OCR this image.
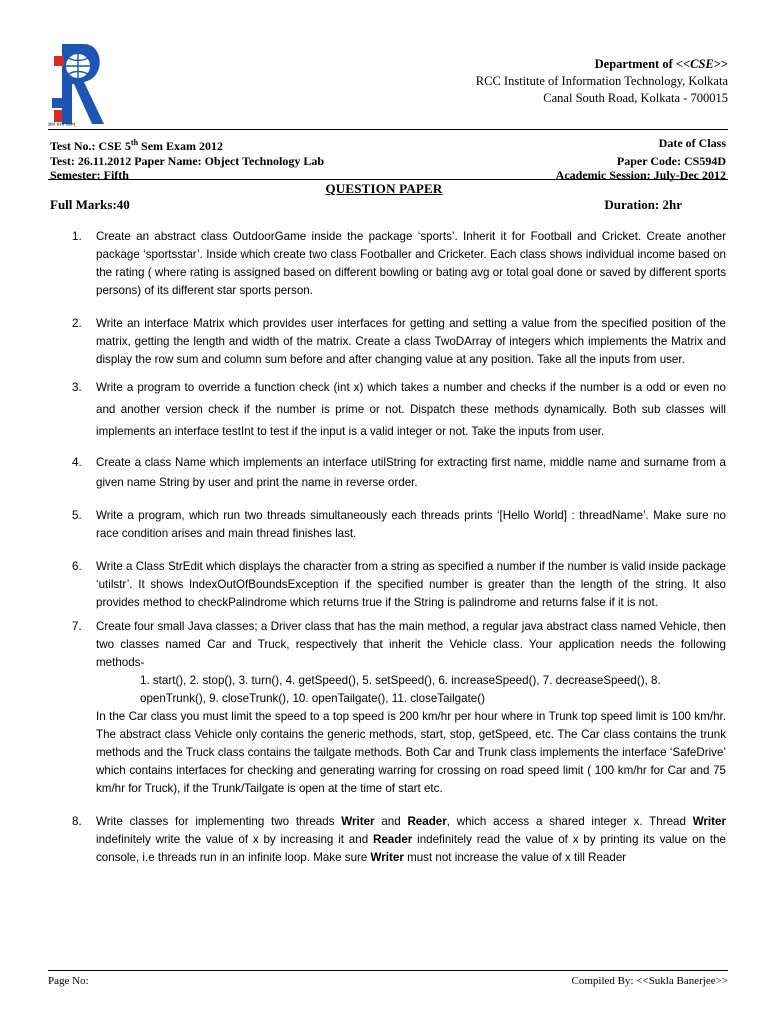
ज्ञानं परमं बलम्
Department of <<CSE>>
RCC Institute of Information Technology, Kolkata
Canal South Road, Kolkata - 700015
Test No.: CSE 5th Sem Exam 2012	Date of Class
Test: 26.11.2012 Paper Name: Object Technology Lab	Paper Code: CS594D
Semester: Fifth	Academic Session: July-Dec 2012
QUESTION PAPER
Full Marks:40	Duration: 2hr
1. Create an abstract class OutdoorGame inside the package ‘sports’. Inherit it for Football and Cricket. Create another package ‘sportsstar’. Inside which create two class Footballer and Cricketer. Each class shows individual income based on the rating ( where rating is assigned based on different bowling or bating avg or total goal done or saved by different sports persons) of its different star sports person.

2. Write an interface Matrix which provides user interfaces for getting and setting a value from the specified position of the matrix, getting the length and width of the matrix. Create a class TwoDArray of integers which implements the Matrix and display the row sum and column sum before and after changing value at any position. Take all the inputs from user.

3. Write a program to override a function check (int x) which takes a number and checks if the number is a odd or even no and another version check if the number is prime or not. Dispatch these methods dynamically. Both sub classes will implements an interface testInt to test if the input is a valid integer or not. Take the inputs from user.

4. Create a class Name which implements an interface utilString for extracting first name, middle name and surname from a given name String by user and print the name in reverse order.

5. Write a program, which run two threads simultaneously each threads prints ‘[Hello World] : threadName’. Make sure no race condition arises and main thread finishes last.

6. Write a Class StrEdit which displays the character from a string as specified a number if the number is valid inside package ‘utilstr’. It shows IndexOutOfBoundsException if the specified number is greater than the length of the string. It also provides method to checkPalindrome which returns true if the String is palindrome and returns false if it is not.

7. Create four small Java classes; a Driver class that has the main method, a regular java abstract class named Vehicle, then two classes named Car and Truck, respectively that inherit the Vehicle class. Your application needs the following methods-

1. start(), 2. stop(), 3. turn(), 4. getSpeed(), 5. setSpeed(), 6. increaseSpeed(), 7. decreaseSpeed(), 8. openTrunk(), 9. closeTrunk(), 10. openTailgate(), 11. closeTailgate()

In the Car class you must limit the speed to a top speed is 200 km/hr per hour where in Trunk top speed limit is 100 km/hr. The abstract class Vehicle only contains the generic methods, start, stop, getSpeed, etc. The Car class contains the trunk methods and the Truck class contains the tailgate methods. Both Car and Trunk class implements the interface ‘SafeDrive’ which contains interfaces for checking and generating warring for crossing on road speed limit ( 100 km/hr for Car and 75 km/hr for Truck), if the Trunk/Tailgate is open at the time of start etc.

8. Write classes for implementing two threads Writer and Reader, which access a shared integer x. Thread Writer indefinitely write the value of x by increasing it and Reader indefinitely read the value of x by printing its value on the console, i.e threads run in an infinite loop. Make sure Writer must not increase the value of x till Reader

Page No:	Compiled By: <<Sukla Banerjee>>
